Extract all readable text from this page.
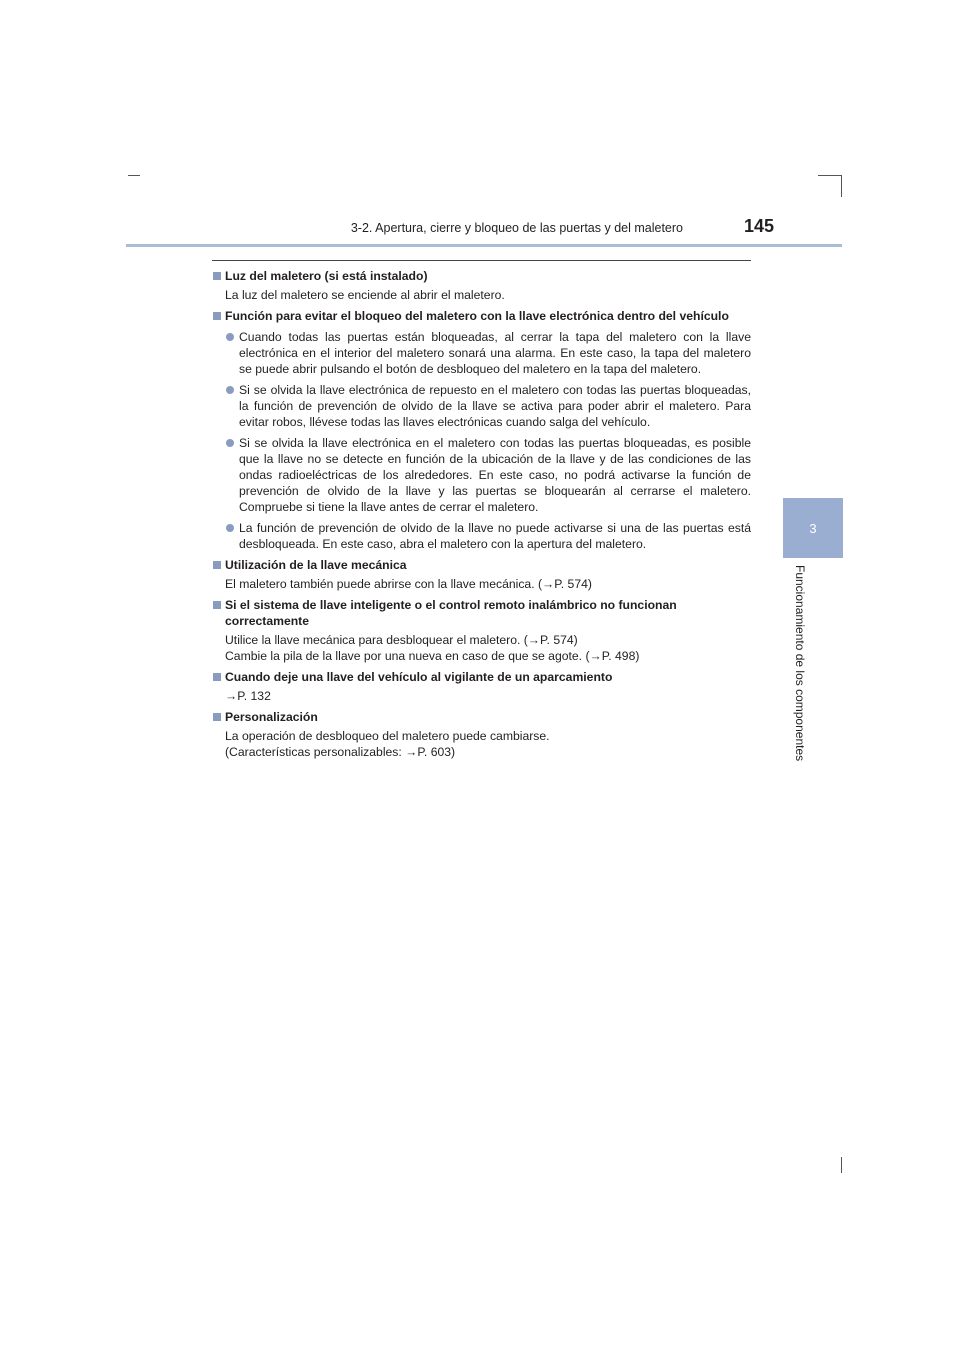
3-2. Apertura, cierre y bloqueo de las puertas y del maletero	145
3
Funcionamiento de los componentes
Luz del maletero (si está instalado)
La luz del maletero se enciende al abrir el maletero.
Función para evitar el bloqueo del maletero con la llave electrónica dentro del vehículo
Cuando todas las puertas están bloqueadas, al cerrar la tapa del maletero con la llave electrónica en el interior del maletero sonará una alarma. En este caso, la tapa del maletero se puede abrir pulsando el botón de desbloqueo del maletero en la tapa del maletero.
Si se olvida la llave electrónica de repuesto en el maletero con todas las puertas bloqueadas, la función de prevención de olvido de la llave se activa para poder abrir el maletero. Para evitar robos, llévese todas las llaves electrónicas cuando salga del vehículo.
Si se olvida la llave electrónica en el maletero con todas las puertas bloqueadas, es posible que la llave no se detecte en función de la ubicación de la llave y de las condiciones de las ondas radioeléctricas de los alrededores. En este caso, no podrá activarse la función de prevención de olvido de la llave y las puertas se bloquearán al cerrarse el maletero. Compruebe si tiene la llave antes de cerrar el maletero.
La función de prevención de olvido de la llave no puede activarse si una de las puertas está desbloqueada. En este caso, abra el maletero con la apertura del maletero.
Utilización de la llave mecánica
El maletero también puede abrirse con la llave mecánica. (→P. 574)
Si el sistema de llave inteligente o el control remoto inalámbrico no funcionan correctamente
Utilice la llave mecánica para desbloquear el maletero. (→P. 574)
Cambie la pila de la llave por una nueva en caso de que se agote. (→P. 498)
Cuando deje una llave del vehículo al vigilante de un aparcamiento
→P. 132
Personalización
La operación de desbloqueo del maletero puede cambiarse.
(Características personalizables: →P. 603)
